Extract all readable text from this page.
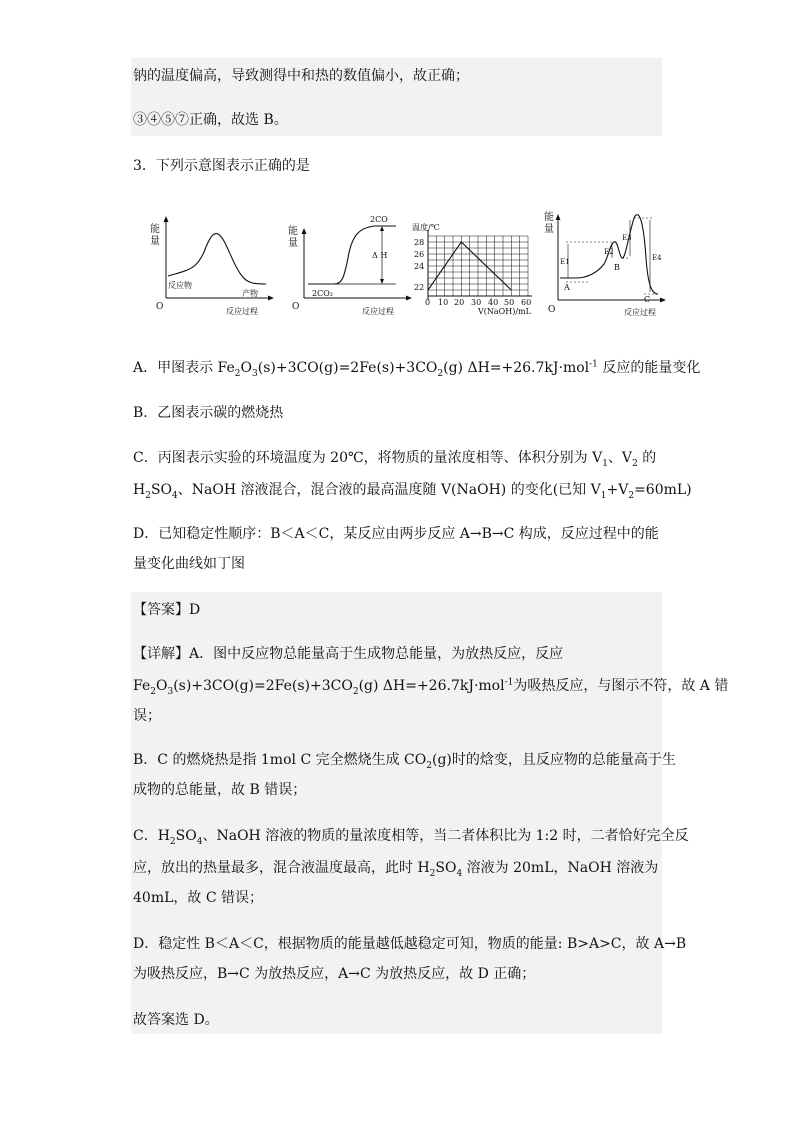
钠的温度偏高，导致测得中和热的数值偏小，故正确；
③④⑤⑦正确，故选 B。
3．下列示意图表示正确的是
能
量
O
反应物
产物
反应过程
能
量
O
2CO
2CO₂
Δ H
反应过程
温度/℃
28
26
24
22
0 10 20 30 40 50 60
V(NaOH)/mL
能
量
O
A
B
C
E1
E2
E3
E4
反应过程
A．甲图表示 $Fe_2O_3(s)+3CO(g)=2Fe(s)+3CO_2(g)$ ΔH=+26.7kJ·mol$^{-1}$ 反应的能量变化
B．乙图表示碳的燃烧热
C．丙图表示实验的环境温度为 20℃，将物质的量浓度相等、体积分别为 $V_1$、$V_2$ 的
$H_2SO_4$、NaOH 溶液混合，混合液的最高温度随 V(NaOH) 的变化(已知 $V_1+V_2=60mL$)
D．已知稳定性顺序：B＜A＜C，某反应由两步反应 A→B→C 构成，反应过程中的能
量变化曲线如丁图
【答案】D
【详解】A．图中反应物总能量高于生成物总能量，为放热反应，反应
$Fe_2O_3(s)+3CO(g)=2Fe(s)+3CO_2(g)$ ΔH=+26.7kJ·mol$^{-1}$为吸热反应，与图示不符，故 A 错
误；
B．C 的燃烧热是指 1mol C 完全燃烧生成 $CO_2(g)$时的焓变，且反应物的总能量高于生
成物的总能量，故 B 错误；
C．$H_2SO_4$、NaOH 溶液的物质的量浓度相等，当二者体积比为 1:2 时，二者恰好完全反
应，放出的热量最多，混合液温度最高，此时 $H_2SO_4$ 溶液为 20mL，NaOH 溶液为
40mL，故 C 错误；
D．稳定性 B＜A＜C，根据物质的能量越低越稳定可知，物质的能量: B>A>C，故 A→B
为吸热反应，B→C 为放热反应，A→C 为放热反应，故 D 正确；
故答案选 D。
